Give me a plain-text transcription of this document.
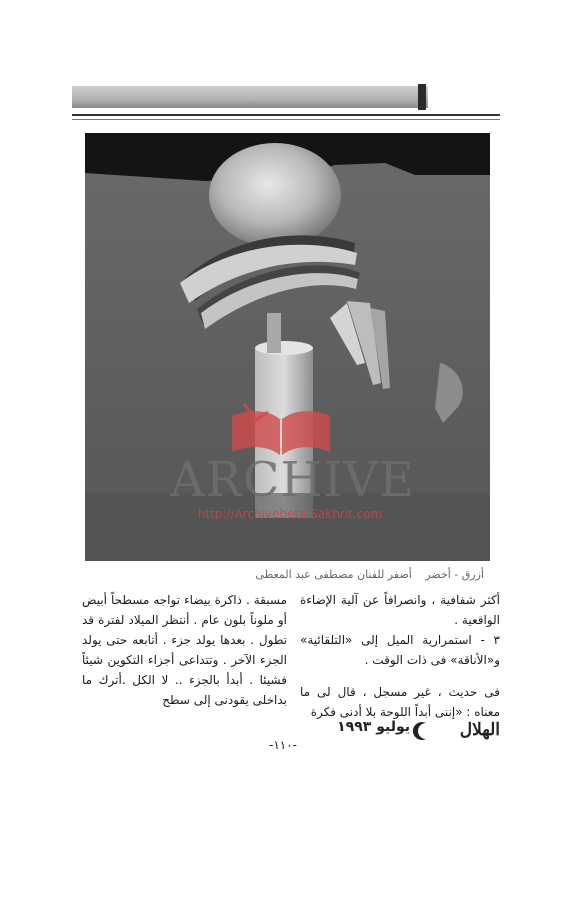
ARCHIVE
http://Archivebeta.Sakhrit.com
أزرق - أخضر أصفر للفنان مصطفى عبد المعطى

أكثر شفافية ، وانصرافاً عن آلية الإضاءة الواقعية .

٣ - استمرارية الميل إلى «التلقائية» و«الأناقة» فى ذات الوقت .

فى حديث ، غير مسجل ، قال لى ما معناه : «إننى أبداً اللوحة بلا أدنى فكرة

مسبقة . ذاكرة بيضاء تواجه مسطحاً أبيض أو ملوناً بلون عام . أنتظر الميلاد لفترة قد تطول . بعدها يولد جزء . أتابعه حتى يولد الجزء الآخر . وتتداعى أجزاء التكوين شيئاً فشيئا . أبدأ بالجزء .. لا الكل .أترك ما بداخلى يقودنى إلى سطح

الهلال
يوليو ١٩٩٣
-١١٠-
